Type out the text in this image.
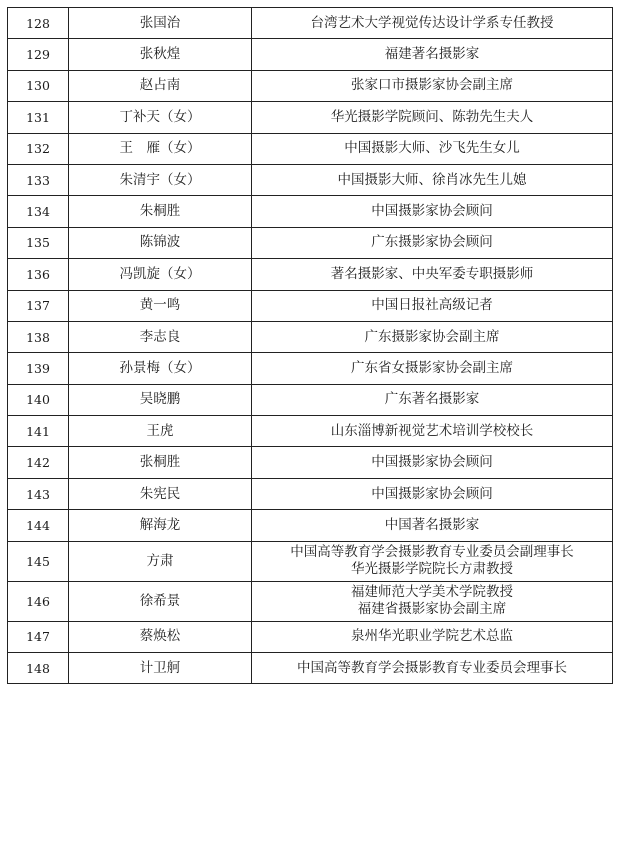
128	张国治	台湾艺术大学视觉传达设计学系专任教授

129	张秋煌	福建著名摄影家

130	赵占南	张家口市摄影家协会副主席

131	丁补天（女）	华光摄影学院顾问、陈勃先生夫人

132	王　雁（女）	中国摄影大师、沙飞先生女儿

133	朱清宇（女）	中国摄影大师、徐肖冰先生儿媳

134	朱桐胜	中国摄影家协会顾问

135	陈锦波	广东摄影家协会顾问

136	冯凯旋（女）	著名摄影家、中央军委专职摄影师

137	黄一鸣	中国日报社高级记者

138	李志良	广东摄影家协会副主席

139	孙景梅（女）	广东省女摄影家协会副主席

140	吴晓鹏	广东著名摄影家

141	王虎	山东淄博新视觉艺术培训学校校长

142	张桐胜	中国摄影家协会顾问

143	朱宪民	中国摄影家协会顾问

144	解海龙	中国著名摄影家

145	方肃	中国高等教育学会摄影教育专业委员会副理事长
华光摄影学院院长方肃教授

146	徐希景	福建师范大学美术学院教授
福建省摄影家协会副主席

147	蔡焕松	泉州华光职业学院艺术总监

148	计卫舸	中国高等教育学会摄影教育专业委员会理事长
